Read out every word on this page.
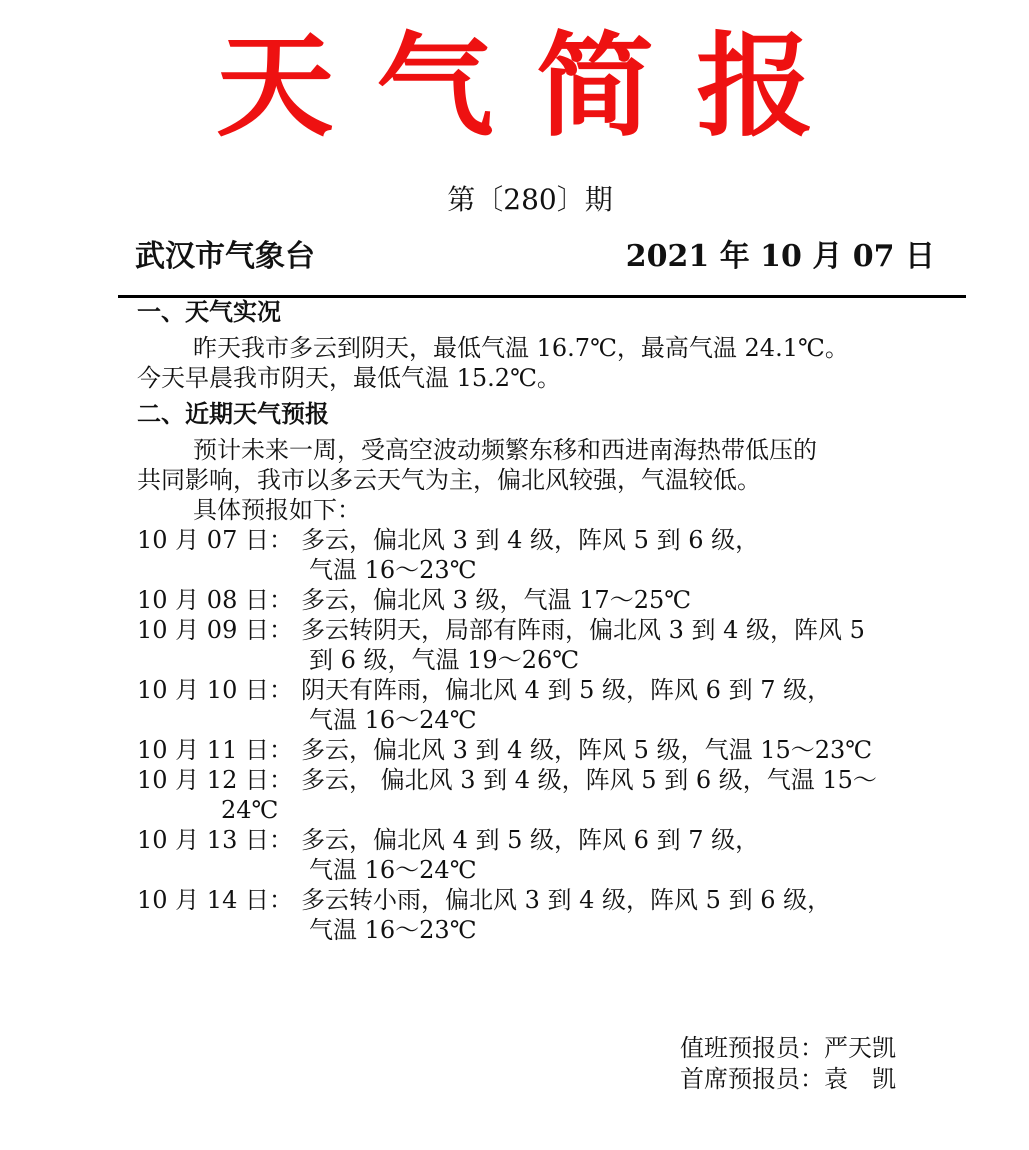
天 气 简 报
第〔280〕期
武汉市气象台	2021 年 10 月 07 日
一、天气实况

昨天我市多云到阴天，最低气温 16.7℃，最高气温 24.1℃。

今天早晨我市阴天，最低气温 15.2℃。

二、近期天气预报

预计未来一周，受高空波动频繁东移和西进南海热带低压的

共同影响，我市以多云天气为主，偏北风较强，气温较低。

具体预报如下：
10 月 07 日： 多云，偏北风 3 到 4 级，阵风 5 到 6 级，
气温 16～23℃
10 月 08 日： 多云，偏北风 3 级，气温 17～25℃
10 月 09 日： 多云转阴天，局部有阵雨，偏北风 3 到 4 级，阵风 5
到 6 级，气温 19～26℃
10 月 10 日： 阴天有阵雨，偏北风 4 到 5 级，阵风 6 到 7 级，
气温 16～24℃
10 月 11 日： 多云，偏北风 3 到 4 级，阵风 5 级，气温 15～23℃
10 月 12 日： 多云， 偏北风 3 到 4 级，阵风 5 到 6 级，气温 15～
24℃
10 月 13 日： 多云，偏北风 4 到 5 级，阵风 6 到 7 级，
气温 16～24℃
10 月 14 日： 多云转小雨，偏北风 3 到 4 级，阵风 5 到 6 级，
气温 16～23℃
值班预报员： 严天凯
首席预报员： 袁　凯
